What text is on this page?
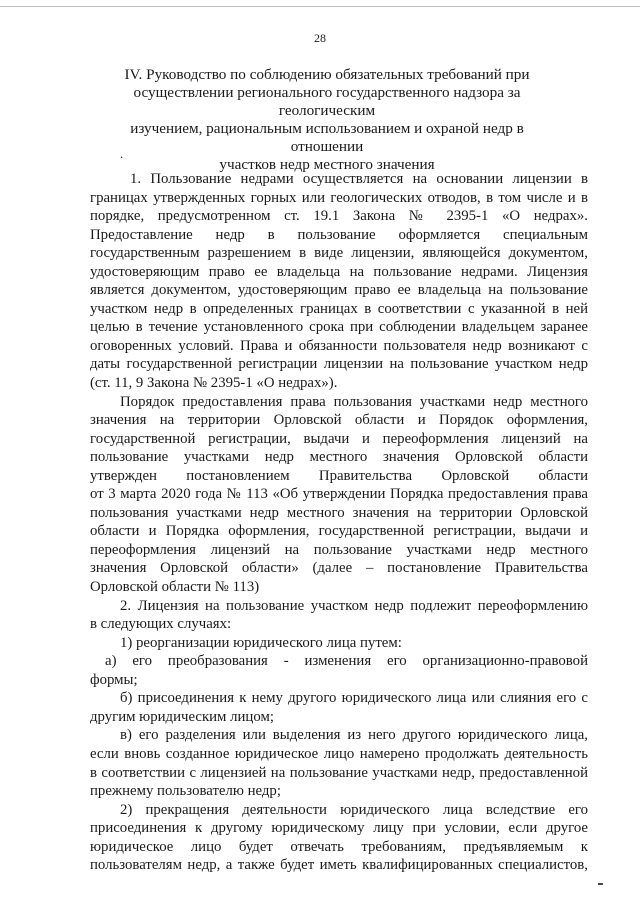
28
IV. Руководство по соблюдению обязательных требований при
осуществлении регионального государственного надзора за геологическим
изучением, рациональным использованием и охраной недр в отношении
участков недр местного значения
.
1. Пользование недрами осуществляется на основании лицензии в
границах утвержденных горных или геологических отводов, в том числе и в
порядке, предусмотренном ст. 19.1 Закона № 2395-1 «О недрах».
Предоставление недр в пользование оформляется специальным
государственным разрешением в виде лицензии, являющейся документом,
удостоверяющим право ее владельца на пользование недрами. Лицензия
является документом, удостоверяющим право ее владельца на пользование
участком недр в определенных границах в соответствии с указанной в ней
целью в течение установленного срока при соблюдении владельцем заранее
оговоренных условий. Права и обязанности пользователя недр возникают с
даты государственной регистрации лицензии на пользование участком недр
(ст. 11, 9 Закона № 2395-1 «О недрах»).
Порядок предоставления права пользования участками недр местного
значения на территории Орловской области и Порядок оформления,
государственной регистрации, выдачи и переоформления лицензий на
пользование участками недр местного значения Орловской области
утвержден постановлением Правительства Орловской области
от 3 марта 2020 года № 113 «Об утверждении Порядка предоставления права
пользования участками недр местного значения на территории Орловской
области и Порядка оформления, государственной регистрации, выдачи и
переоформления лицензий на пользование участками недр местного
значения Орловской области» (далее – постановление Правительства
Орловской области № 113)
2. Лицензия на пользование участком недр подлежит переоформлению
в следующих случаях:
1) реорганизации юридического лица путем:
а) его преобразования - изменения его организационно-правовой
формы;
б) присоединения к нему другого юридического лица или слияния его с
другим юридическим лицом;
в) его разделения или выделения из него другого юридического лица,
если вновь созданное юридическое лицо намерено продолжать деятельность
в соответствии с лицензией на пользование участками недр, предоставленной
прежнему пользователю недр;
2) прекращения деятельности юридического лица вследствие его
присоединения к другому юридическому лицу при условии, если другое
юридическое лицо будет отвечать требованиям, предъявляемым к
пользователям недр, а также будет иметь квалифицированных специалистов,
